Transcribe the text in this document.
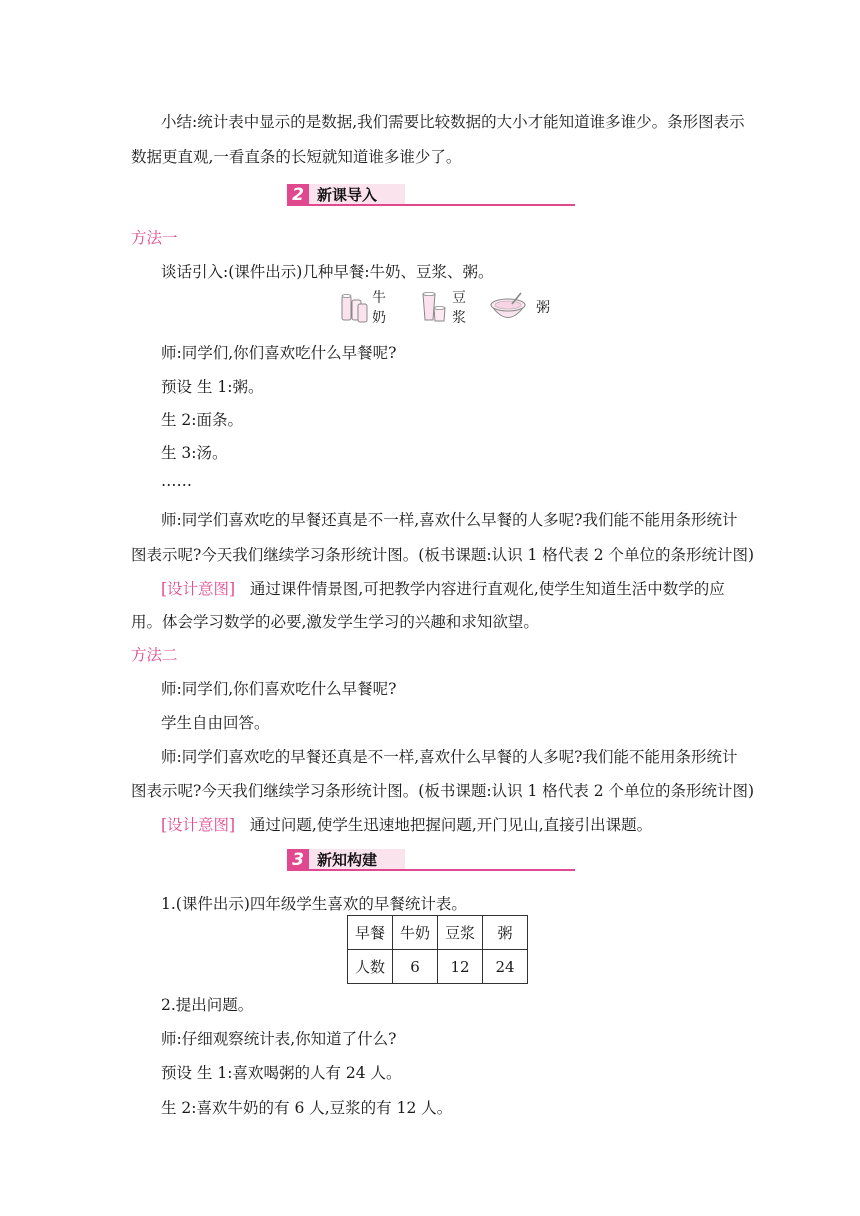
小结:统计表中显示的是数据,我们需要比较数据的大小才能知道谁多谁少。条形图表示
数据更直观,一看直条的长短就知道谁多谁少了。
2 新课导入
方法一
谈话引入:(课件出示)几种早餐:牛奶、豆浆、粥。
牛奶
豆浆
粥
师:同学们,你们喜欢吃什么早餐呢?
预设 生 1:粥。
生 2:面条。
生 3:汤。
……
师:同学们喜欢吃的早餐还真是不一样,喜欢什么早餐的人多呢?我们能不能用条形统计
图表示呢?今天我们继续学习条形统计图。(板书课题:认识 1 格代表 2 个单位的条形统计图)
[设计意图] 通过课件情景图,可把教学内容进行直观化,使学生知道生活中数学的应
用。体会学习数学的必要,激发学生学习的兴趣和求知欲望。
方法二
师:同学们,你们喜欢吃什么早餐呢?
学生自由回答。
师:同学们喜欢吃的早餐还真是不一样,喜欢什么早餐的人多呢?我们能不能用条形统计
图表示呢?今天我们继续学习条形统计图。(板书课题:认识 1 格代表 2 个单位的条形统计图)
[设计意图] 通过问题,使学生迅速地把握问题,开门见山,直接引出课题。
3 新知构建
1.(课件出示)四年级学生喜欢的早餐统计表。
早餐	牛奶	豆浆	粥
人数	6	12	24
2.提出问题。
师:仔细观察统计表,你知道了什么?
预设 生 1:喜欢喝粥的人有 24 人。
生 2:喜欢牛奶的有 6 人,豆浆的有 12 人。
